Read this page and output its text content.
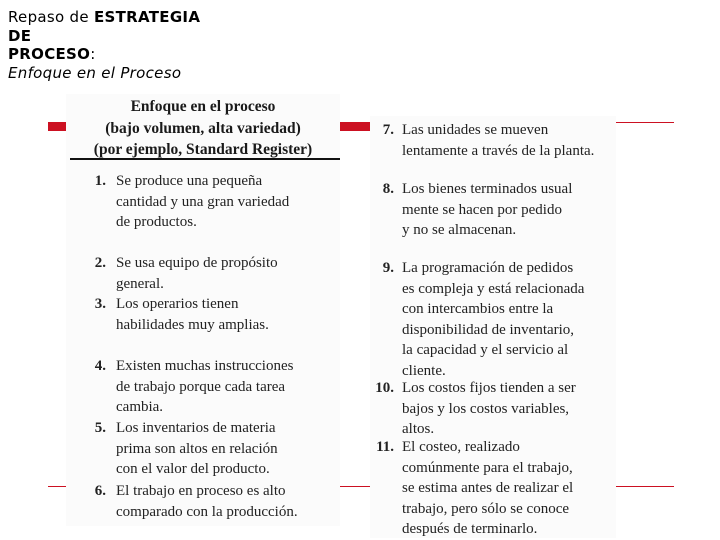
Repaso de ESTRATEGIA
DE
PROCESO:
Enfoque en el Proceso
Enfoque en el proceso
(bajo volumen, alta variedad)
(por ejemplo, Standard Register)
1. Se produce una pequeña
cantidad y una gran variedad
de productos.
2. Se usa equipo de propósito
general.
3. Los operarios tienen
habilidades muy amplias.
4. Existen muchas instrucciones
de trabajo porque cada tarea
cambia.
5. Los inventarios de materia
prima son altos en relación
con el valor del producto.
6. El trabajo en proceso es alto
comparado con la producción.
7. Las unidades se mueven
lentamente a través de la planta.
8. Los bienes terminados usual
mente se hacen por pedido
y no se almacenan.
9. La programación de pedidos
es compleja y está relacionada
con intercambios entre la
disponibilidad de inventario,
la capacidad y el servicio al
cliente.
10. Los costos fijos tienden a ser
bajos y los costos variables,
altos.
11. El costeo, realizado
comúnmente para el trabajo,
se estima antes de realizar el
trabajo, pero sólo se conoce
después de terminarlo.
